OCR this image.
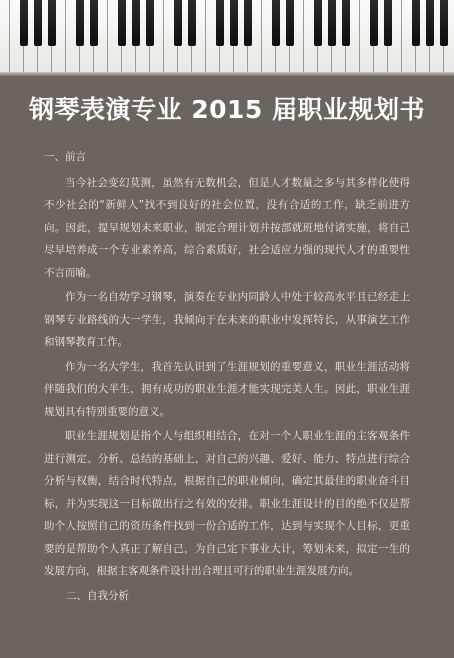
钢琴表演专业 2015 届职业规划书
一、前言

当今社会变幻莫测，虽然有无数机会，但是人才数量之多与其多样化使得不少社会的“新鲜人”找不到良好的社会位置，没有合适的工作，缺乏前进方向。因此，提早规划未来职业，制定合理计划并按部就班地付诸实施，将自己尽早培养成一个专业素养高，综合素质好，社会适应力强的现代人才的重要性不言而喻。

作为一名自幼学习钢琴，演奏在专业内同龄人中处于较高水平且已经走上钢琴专业路线的大一学生，我倾向于在未来的职业中发挥特长，从事演艺工作和钢琴教育工作。

作为一名大学生，我首先认识到了生涯规划的重要意义，职业生涯活动将伴随我们的大半生，拥有成功的职业生涯才能实现完美人生。因此，职业生涯规划具有特别重要的意义。

职业生涯规划是指个人与组织相结合，在对一个人职业生涯的主客观条件进行测定、分析、总结的基础上，对自己的兴趣、爱好、能力、特点进行综合分析与权衡，结合时代特点，根据自己的职业倾向，确定其最佳的职业奋斗目标，并为实现这一目标做出行之有效的安排。职业生涯设计的目的绝不仅是帮助个人按照自己的资历条件找到一份合适的工作，达到与实现个人目标，更重要的是帮助个人真正了解自己，为自己定下事业大计，筹划未来，拟定一生的发展方向，根据主客观条件设计出合理且可行的职业生涯发展方向。

二、自我分析
